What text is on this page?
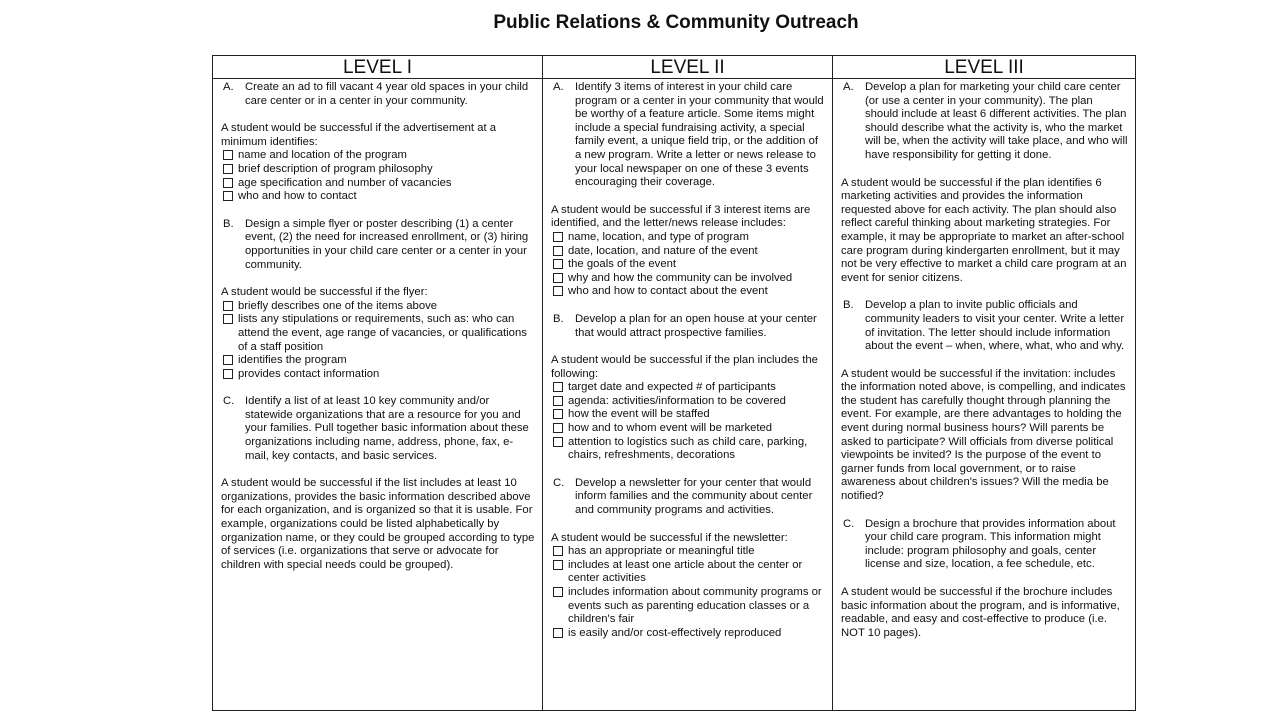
Public Relations & Community Outreach
LEVEL I
A.	Create an ad to fill vacant 4 year old spaces in your child care center or in a center in your community.

A student would be successful if the advertisement at a minimum identifies:

name and location of the program
brief description of program philosophy
age specification and number of vacancies
who and how to contact
B.	Design a simple flyer or poster describing (1) a center event, (2) the need for increased enrollment, or (3) hiring opportunities in your child care center or a center in your community.

A student would be successful if the flyer:

briefly describes one of the items above
lists any stipulations or requirements, such as: who can attend the event, age range of vacancies, or qualifications of a staff position
identifies the program
provides contact information
C. Identify a list of at least 10 key community and/or statewide organizations that are a resource for you and your families. Pull together basic information about these organizations including name, address, phone, fax, e-mail, key contacts, and basic services.

A student would be successful if the list includes at least 10 organizations, provides the basic information described above for each organization, and is organized so that it is usable. For example, organizations could be listed alphabetically by organization name, or they could be grouped according to type of services (i.e. organizations that serve or advocate for children with special needs could be grouped).

LEVEL II
A.	Identify 3 items of interest in your child care program or a center in your community that would be worthy of a feature article. Some items might include a special fundraising activity, a special family event, a unique field trip, or the addition of a new program. Write a letter or news release to your local newspaper on one of these 3 events encouraging their coverage.

A student would be successful if 3 interest items are identified, and the letter/news release includes:

name, location, and type of program
date, location, and nature of the event
the goals of the event
why and how the community can be involved
who and how to contact about the event
B.	Develop a plan for an open house at your center that would attract prospective families.

A student would be successful if the plan includes the following:

target date and expected # of participants
agenda: activities/information to be covered
how the event will be staffed
how and to whom event will be marketed
attention to logistics such as child care, parking, chairs, refreshments, decorations
C. Develop a newsletter for your center that would inform families and the community about center and community programs and activities.

A student would be successful if the newsletter:

has an appropriate or meaningful title
includes at least one article about the center or center activities
includes information about community programs or events such as parenting education classes or a children's fair
is easily and/or cost-effectively reproduced
LEVEL III
A.	Develop a plan for marketing your child care center (or use a center in your community). The plan should include at least 6 different activities. The plan should describe what the activity is, who the market will be, when the activity will take place, and who will have responsibility for getting it done.

A student would be successful if the plan identifies 6 marketing activities and provides the information requested above for each activity. The plan should also reflect careful thinking about marketing strategies. For example, it may be appropriate to market an after-school care program during kindergarten enrollment, but it may not be very effective to market a child care program at an event for senior citizens.

B.	Develop a plan to invite public officials and community leaders to visit your center. Write a letter of invitation. The letter should include information about the event – when, where, what, who and why.

A student would be successful if the invitation: includes the information noted above, is compelling, and indicates the student has carefully thought through planning the event. For example, are there advantages to holding the event during normal business hours? Will parents be asked to participate? Will officials from diverse political viewpoints be invited? Is the purpose of the event to garner funds from local government, or to raise awareness about children's issues? Will the media be notified?

C. Design a brochure that provides information about your child care program. This information might include: program philosophy and goals, center license and size, location, a fee schedule, etc.

A student would be successful if the brochure includes basic information about the program, and is informative, readable, and easy and cost-effective to produce (i.e. NOT 10 pages).
